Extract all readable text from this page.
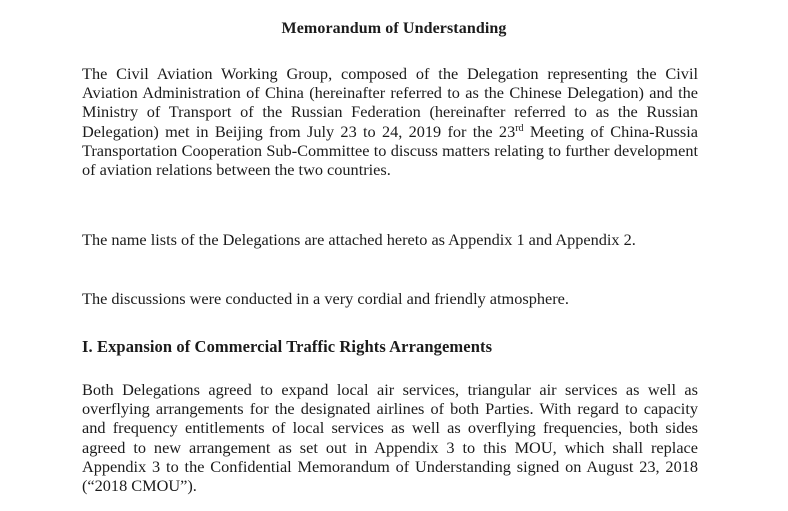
Memorandum of Understanding

The Civil Aviation Working Group, composed of the Delegation representing the Civil Aviation Administration of China (hereinafter referred to as the Chinese Delegation) and the Ministry of Transport of the Russian Federation (hereinafter referred to as the Russian Delegation) met in Beijing from July 23 to 24, 2019 for the 23rd Meeting of China-Russia Transportation Cooperation Sub-Committee to discuss matters relating to further development of aviation relations between the two countries.

The name lists of the Delegations are attached hereto as Appendix 1 and Appendix 2.

The discussions were conducted in a very cordial and friendly atmosphere.

I. Expansion of Commercial Traffic Rights Arrangements

Both Delegations agreed to expand local air services, triangular air services as well as overflying arrangements for the designated airlines of both Parties. With regard to capacity and frequency entitlements of local services as well as overflying frequencies, both sides agreed to new arrangement as set out in Appendix 3 to this MOU, which shall replace Appendix 3 to the Confidential Memorandum of Understanding signed on August 23, 2018 (“2018 CMOU”).
